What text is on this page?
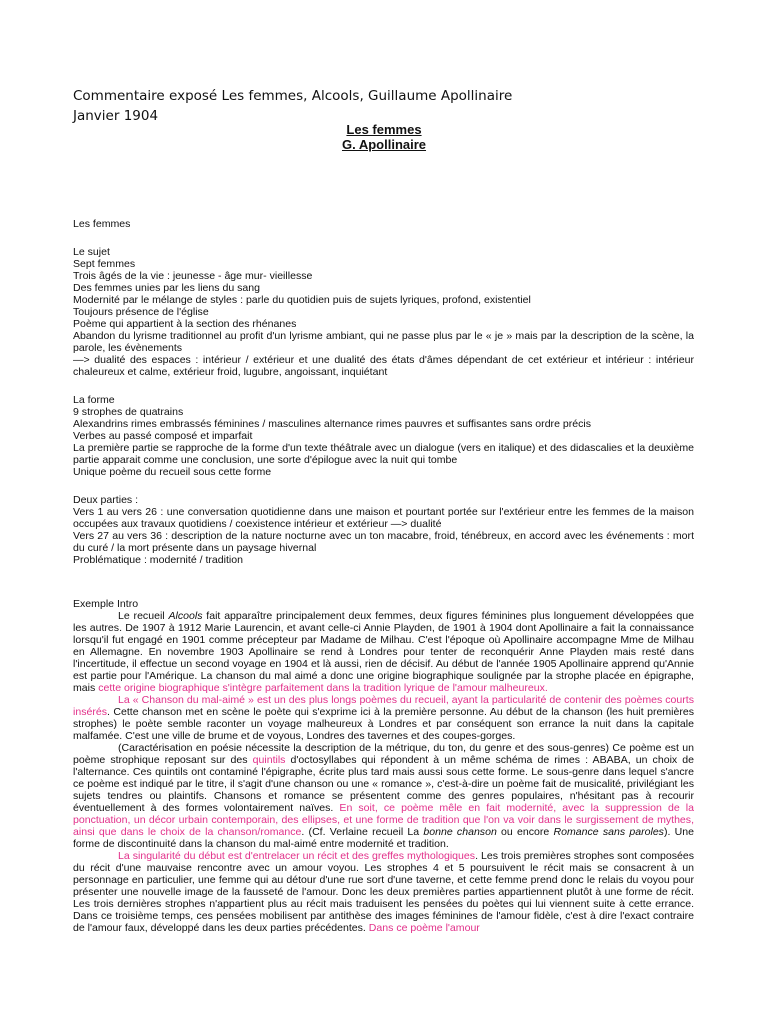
Commentaire exposé Les femmes, Alcools, Guillaume Apollinaire
Janvier 1904
Les femmes
G. Apollinaire
Les femmes
Le sujet
Sept femmes
Trois âgés de la vie : jeunesse - âge mur- vieillesse
Des femmes unies par les liens du sang
Modernité par le mélange de styles : parle du quotidien puis de sujets lyriques, profond, existentiel
Toujours présence de l'église
Poème qui appartient à la section des rhénanes

Abandon du lyrisme traditionnel au profit d'un lyrisme ambiant, qui ne passe plus par le « je » mais par la description de la scène, la parole, les évènements

—> dualité des espaces : intérieur / extérieur et une dualité des états d'âmes dépendant de cet extérieur et intérieur : intérieur chaleureux et calme, extérieur froid, lugubre, angoissant, inquiétant

La forme
9 strophes de quatrains
Alexandrins rimes embrassés féminines / masculines alternance rimes pauvres et suffisantes sans ordre précis
Verbes au passé composé et imparfait

La première partie se rapproche de la forme d'un texte théâtrale avec un dialogue (vers en italique) et des didascalies et la deuxième partie apparait comme une conclusion, une sorte d'épilogue avec la nuit qui tombe

Unique poème du recueil sous cette forme
Deux parties :

Vers 1 au vers 26 : une conversation quotidienne dans une maison et pourtant portée sur l'extérieur entre les femmes de la maison occupées aux travaux quotidiens / coexistence intérieur et extérieur —> dualité

Vers 27 au vers 36 : description de la nature nocturne avec un ton macabre, froid, ténébreux, en accord avec les événements : mort du curé / la mort présente dans un paysage hivernal

Problématique : modernité / tradition
Exemple Intro

Le recueil Alcools fait apparaître principalement deux femmes, deux figures féminines plus longuement développées que les autres. De 1907 à 1912 Marie Laurencin, et avant celle-ci Annie Playden, de 1901 à 1904 dont Apollinaire a fait la connaissance lorsqu'il fut engagé en 1901 comme précepteur par Madame de Milhau. C'est l'époque où Apollinaire accompagne Mme de Milhau en Allemagne. En novembre 1903 Apollinaire se rend à Londres pour tenter de reconquérir Anne Playden mais resté dans l'incertitude, il effectue un second voyage en 1904 et là aussi, rien de décisif. Au début de l'année 1905 Apollinaire apprend qu'Annie est partie pour l'Amérique. La chanson du mal aimé a donc une origine biographique soulignée par la strophe placée en épigraphe, mais cette origine biographique s'intègre parfaitement dans la tradition lyrique de l'amour malheureux.

La « Chanson du mal-aimé » est un des plus longs poèmes du recueil, ayant la particularité de contenir des poèmes courts insérés. Cette chanson met en scène le poète qui s'exprime ici à la première personne. Au début de la chanson (les huit premières strophes) le poète semble raconter un voyage malheureux à Londres et par conséquent son errance la nuit dans la capitale malfamée. C'est une ville de brume et de voyous, Londres des tavernes et des coupes-gorges.

(Caractérisation en poésie nécessite la description de la métrique, du ton, du genre et des sous-genres) Ce poème est un poème strophique reposant sur des quintils d'octosyllabes qui répondent à un même schéma de rimes : ABABA, un choix de l'alternance. Ces quintils ont contaminé l'épigraphe, écrite plus tard mais aussi sous cette forme. Le sous-genre dans lequel s'ancre ce poème est indiqué par le titre, il s'agit d'une chanson ou une « romance », c'est-à-dire un poème fait de musicalité, privilégiant les sujets tendres ou plaintifs. Chansons et romance se présentent comme des genres populaires, n'hésitant pas à recourir éventuellement à des formes volontairement naïves. En soit, ce poème mêle en fait modernité, avec la suppression de la ponctuation, un décor urbain contemporain, des ellipses, et une forme de tradition que l'on va voir dans le surgissement de mythes, ainsi que dans le choix de la chanson/romance. (Cf. Verlaine recueil La bonne chanson ou encore Romance sans paroles). Une forme de discontinuité dans la chanson du mal-aimé entre modernité et tradition.

La singularité du début est d'entrelacer un récit et des greffes mythologiques. Les trois premières strophes sont composées du récit d'une mauvaise rencontre avec un amour voyou. Les strophes 4 et 5 poursuivent le récit mais se consacrent à un personnage en particulier, une femme qui au détour d'une rue sort d'une taverne, et cette femme prend donc le relais du voyou pour présenter une nouvelle image de la fausseté de l'amour. Donc les deux premières parties appartiennent plutôt à une forme de récit. Les trois dernières strophes n'appartient plus au récit mais traduisent les pensées du poètes qui lui viennent suite à cette errance. Dans ce troisième temps, ces pensées mobilisent par antithèse des images féminines de l'amour fidèle, c'est à dire l'exact contraire de l'amour faux, développé dans les deux parties précédentes. Dans ce poème l'amour
